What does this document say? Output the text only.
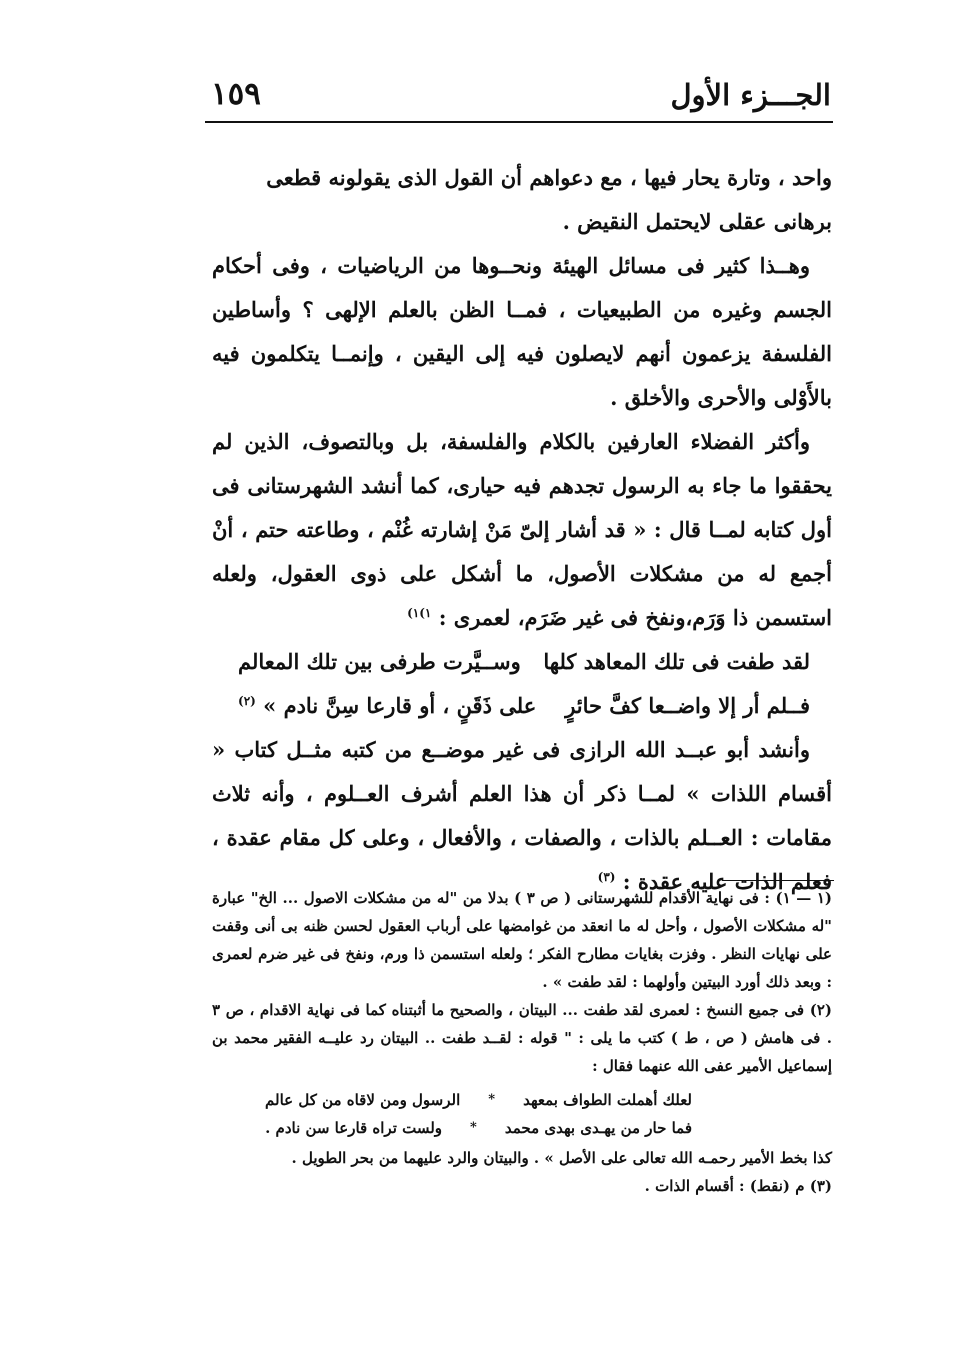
الجـــزء الأول
١٥٩

واحد ، وتارة يحار فيها ، مع دعواهم أن القول الذى يقولونه قطعى برهانى عقلى لايحتمل النقيض .

وهــذا كثير فى مسائل الهيئة ونحــوها من الرياضيات ، وفى أحكام الجسم وغيره من الطبيعيات ، فمــا الظن بالعلم الإلهى ؟ وأساطين الفلسفة يزعمون أنهم لايصلون فيه إلى اليقين ، وإنمــا يتكلمون فيه بالأَوْلى والأحرى والأخلق .

وأكثر الفضلاء العارفين بالكلام والفلسفة، بل وبالتصوف، الذين لم يحققوا ما جاء به الرسول تجدهم فيه حيارى، كما أنشد الشهرستانى فى أول كتابه لمــا قال : « قد أشار إلىّ مَنْ إشارته غُنْم ، وطاعته حتم ، أنْ أجمع له من مشكلات الأصول، ما أشكل على ذوى العقول، ولعله استسمن ذا وَرَم،ونفخ فى غير ضَرَم، لعمرى : $^{١)١)}$

لقد طفت فى تلك المعاهد كلها
وســيَّرت طرفى بين تلك المعالم
فــلم أر إلا واضــعا كفَّ حائرٍ
على ذَقَنٍ ، أو قارعا سِنَّ نادم » $^{(٢)}$

وأنشد أبو عبــد الله الرازى فى غير موضــع من كتبه مثــل كتاب « أقسام اللذات » لمــا ذكر أن هذا العلم أشرف العــلوم ، وأنه ثلاث مقامات : العــلم بالذات ، والصفات ، والأفعال ، وعلى كل مقام عقدة ، فعلم الذات عليه عقدة : $^{(٣)}$

(١ — ١) : فى نهاية الأقدام للشهرستانى ( ص ٣ ) بدلا من "له من مشكلات الاصول ... الخ" عبارة "له مشكلات الأصول ، وأحل له ما انعقد من غوامضها على أرباب العقول لحسن ظنه بى أنى وقفت على نهايات النظر . وفزت بغايات مطارح الفكر ؛ ولعله استسمن ذا ورم، ونفخ فى غير ضرم لعمرى : وبعد ذلك أورد البيتين وأولهما : لقد طفت » .

(٢) فى جميع النسخ : لعمرى لقد طفت ... البيتان ، والصحيح ما أثبتناه كما فى نهاية الاقدام ، ص ٣ . فى هامش ( ص ، ط ) كتب ما يلى : " قوله : لقــد طفت .. البيتان رد عليــه الفقير محمد بن إسماعيل الأمير عفى الله عنهما فقال :

لعلك أهملت الطواف بمعهد
*
الرسول ومن لاقاه من كل عالم
فما حار من يهـدى بهدى محمد
*
ولست تراه قارعا سن نادم .

كذا بخط الأمير رحمـه الله تعالى على الأصل » . والبيتان والرد عليهما من بحر الطويل .

(٣) م (نقط) : أقسام الذات .
